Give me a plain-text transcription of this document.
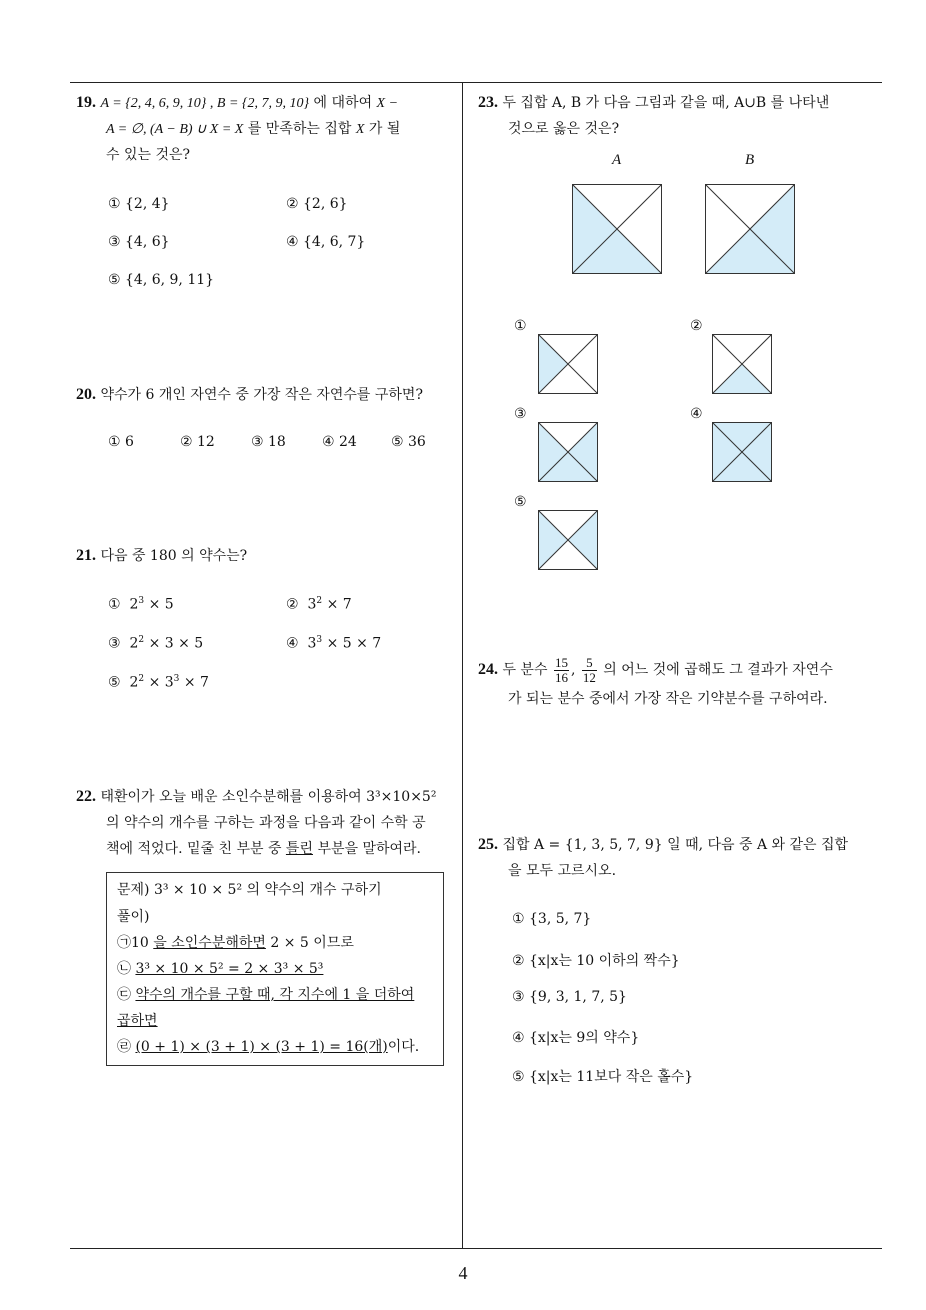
19. A = {2, 4, 6, 9, 10} , B = {2, 7, 9, 10} 에 대하여 X −
A = ∅, (A − B) ∪ X = X 를 만족하는 집합 X 가 될
수 있는 것은?
① {2, 4}	② {2, 6}
③ {4, 6}	④ {4, 6, 7}
⑤ {4, 6, 9, 11}
20. 약수가 6 개인 자연수 중 가장 작은 자연수를 구하면?
① 6	② 12	③ 18	④ 24 ⑤ 36
21. 다음 중 180 의 약수는?
① $2^3 \times 5$	② $3^2 \times 7$
③ $2^2 \times 3 \times 5$	④ $3^3 \times 5 \times 7$
⑤ $2^2 \times 3^3 \times 7$
22. 태환이가 오늘 배운 소인수분해를 이용하여 3³×10×5²
의 약수의 개수를 구하는 과정을 다음과 같이 수학 공
책에 적었다. 밑줄 친 부분 중 틀린 부분을 말하여라.
문제) 3³ × 10 × 5² 의 약수의 개수 구하기
풀이)
㉠10 을 소인수분해하면 2 × 5 이므로
㉡ 3³ × 10 × 5² = 2 × 3³ × 5³
㉢ 약수의 개수를 구할 때, 각 지수에 1 을 더하여
곱하면
㉣ (0 + 1) × (3 + 1) × (3 + 1) = 16(개)이다.
23. 두 집합 A, B 가 다음 그림과 같을 때, A∪B 를 나타낸
것으로 옳은 것은?
A	B
①	②
③	④
⑤
24. 두 분수 $\frac{15}{16}$ , $\frac{5}{12}$ 의 어느 것에 곱해도 그 결과가 자연수
가 되는 분수 중에서 가장 작은 기약분수를 구하여라.
25. 집합 A = {1, 3, 5, 7, 9} 일 때, 다음 중 A 와 같은 집합
을 모두 고르시오.
① {3, 5, 7}
② {x|x는 10 이하의 짝수}
③ {9, 3, 1, 7, 5}
④ {x|x는 9의 약수}
⑤ {x|x는 11보다 작은 홀수}
4
